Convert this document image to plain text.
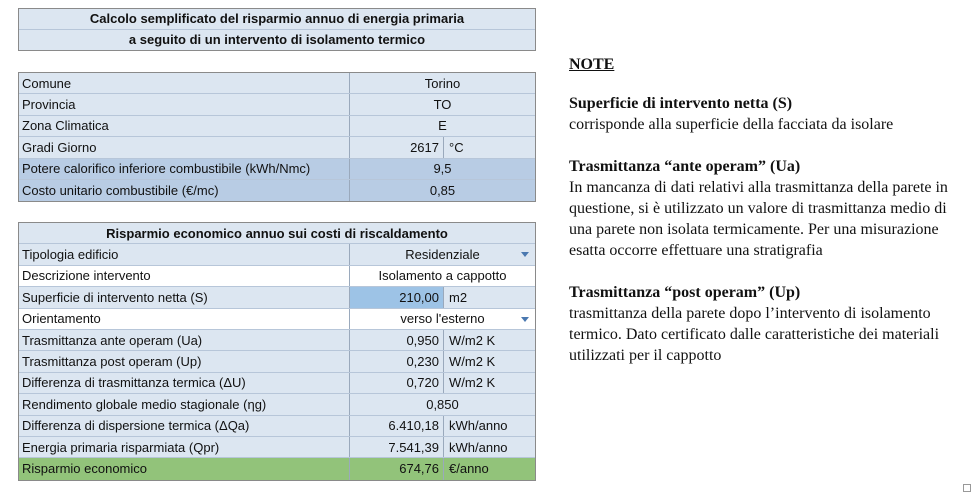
Calcolo semplificato del risparmio annuo di energia primaria
a seguito di un intervento di isolamento termico
Comune	Torino
Provincia	TO
Zona Climatica	E
Gradi Giorno	2617 °C
Potere calorifico inferiore combustibile (kWh/Nmc)	9,5
Costo unitario combustibile (€/mc)	0,85
Risparmio economico annuo sui costi di riscaldamento
Tipologia edificio	Residenziale
Descrizione intervento	Isolamento a cappotto
Superficie di intervento netta (S)	210,00 m2
Orientamento	verso l'esterno
Trasmittanza ante operam (Ua)	0,950 W/m2 K
Trasmittanza post operam (Up)	0,230 W/m2 K
Differenza di trasmittanza termica (ΔU)	0,720 W/m2 K
Rendimento globale medio stagionale (ηg)	0,850
Differenza di dispersione termica (ΔQa)	6.410,18 kWh/anno
Energia primaria risparmiata (Qpr)	7.541,39 kWh/anno
Risparmio economico	674,76 €/anno
NOTE
Superficie di intervento netta (S)
corrisponde alla superficie della facciata da isolare
Trasmittanza “ante operam” (Ua)
In mancanza di dati relativi alla trasmittanza della parete in questione, si è utilizzato un valore di trasmittanza medio di una parete non isolata termicamente. Per una misurazione esatta occorre effettuare una stratigrafia
Trasmittanza “post operam” (Up)
trasmittanza della parete dopo l’intervento di isolamento termico. Dato certificato dalle caratteristiche dei materiali utilizzati per il cappotto
